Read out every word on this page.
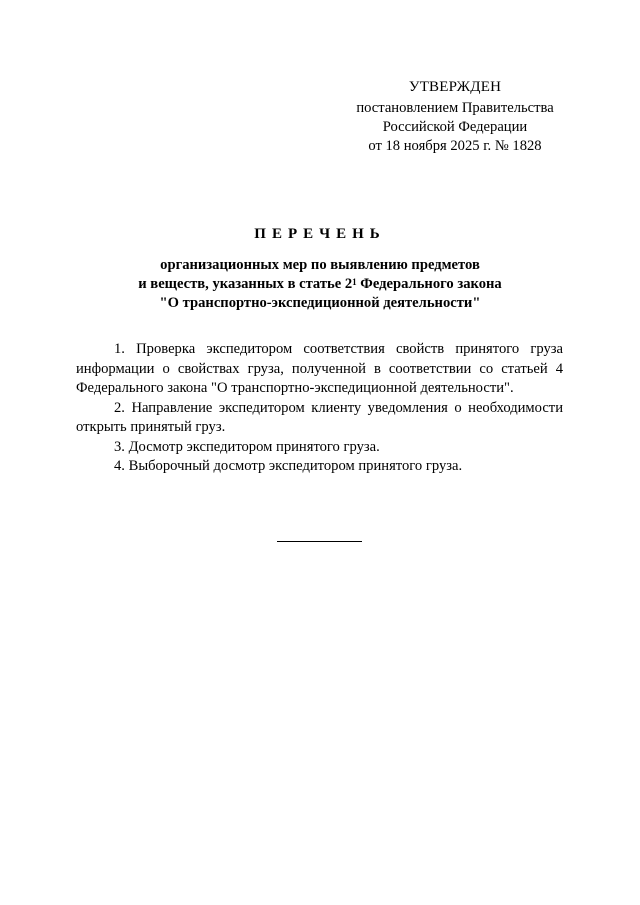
УТВЕРЖДЕН
постановлением Правительства
Российской Федерации
от 18 ноября 2025 г. № 1828
ПЕРЕЧЕНЬ
организационных мер по выявлению предметов
и веществ, указанных в статье $2^1$ Федерального закона
"О транспортно-экспедиционной деятельности"

1. Проверка экспедитором соответствия свойств принятого груза информации о свойствах груза, полученной в соответствии со статьей 4 Федерального закона "О транспортно-экспедиционной деятельности".

2. Направление экспедитором клиенту уведомления о необходимости открыть принятый груз.

3. Досмотр экспедитором принятого груза.

4. Выборочный досмотр экспедитором принятого груза.
